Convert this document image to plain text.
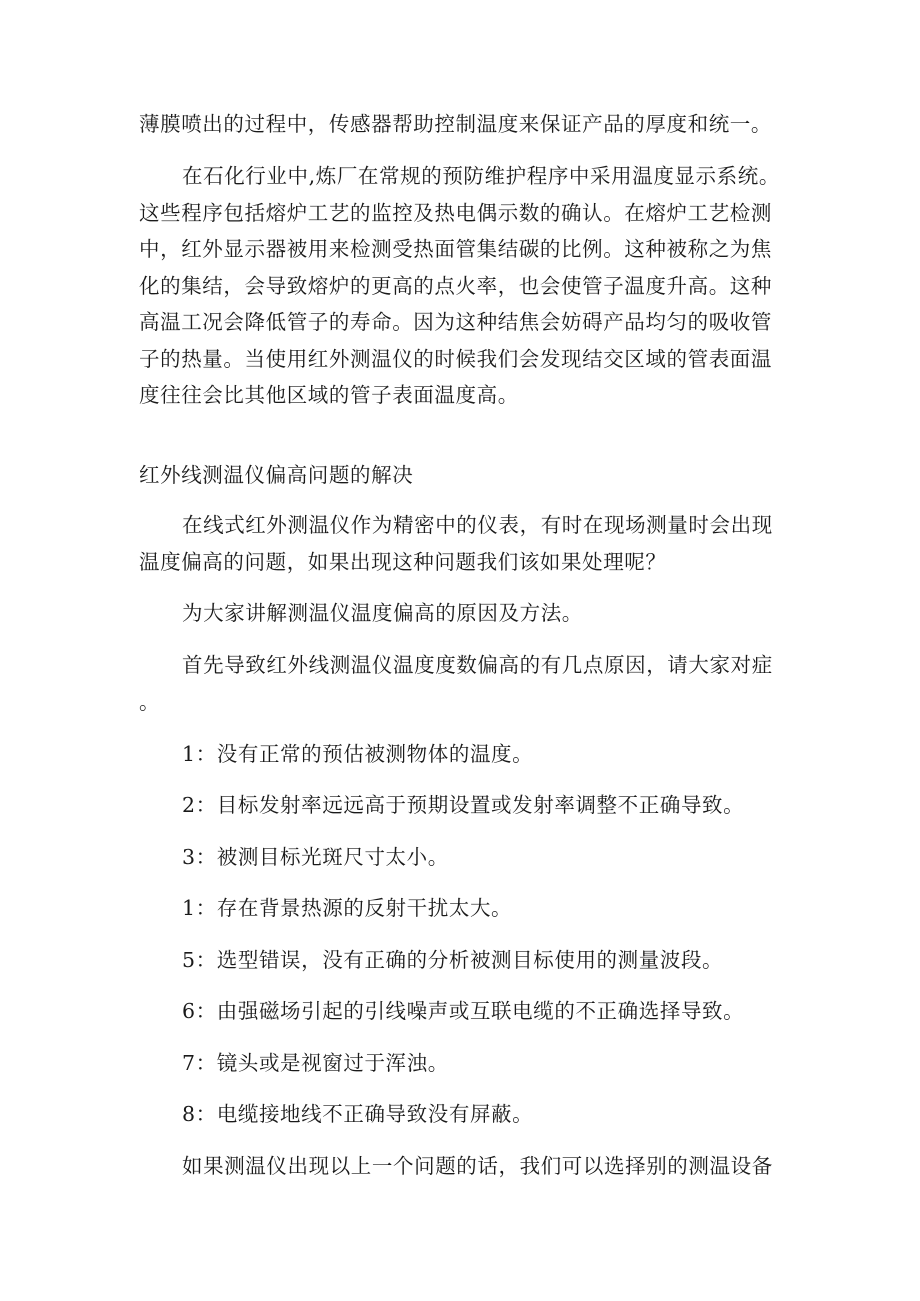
薄膜喷出的过程中，传感器帮助控制温度来保证产品的厚度和统一。
在石化行业中,炼厂在常规的预防维护程序中采用温度显示系统。
这些程序包括熔炉工艺的监控及热电偶示数的确认。在熔炉工艺检测
中，红外显示器被用来检测受热面管集结碳的比例。这种被称之为焦
化的集结，会导致熔炉的更高的点火率，也会使管子温度升高。这种
高温工况会降低管子的寿命。因为这种结焦会妨碍产品均匀的吸收管
子的热量。当使用红外测温仪的时候我们会发现结交区域的管表面温
度往往会比其他区域的管子表面温度高。
红外线测温仪偏高问题的解决
在线式红外测温仪作为精密中的仪表，有时在现场测量时会出现
温度偏高的问题，如果出现这种问题我们该如果处理呢？
为大家讲解测温仪温度偏高的原因及方法。
首先导致红外线测温仪温度度数偏高的有几点原因，请大家对症
。
1：没有正常的预估被测物体的温度。
2：目标发射率远远高于预期设置或发射率调整不正确导致。
3：被测目标光斑尺寸太小。
1：存在背景热源的反射干扰太大。
5：选型错误，没有正确的分析被测目标使用的测量波段。
6：由强磁场引起的引线噪声或互联电缆的不正确选择导致。
7：镜头或是视窗过于浑浊。
8：电缆接地线不正确导致没有屏蔽。
如果测温仪出现以上一个问题的话，我们可以选择别的测温设备
